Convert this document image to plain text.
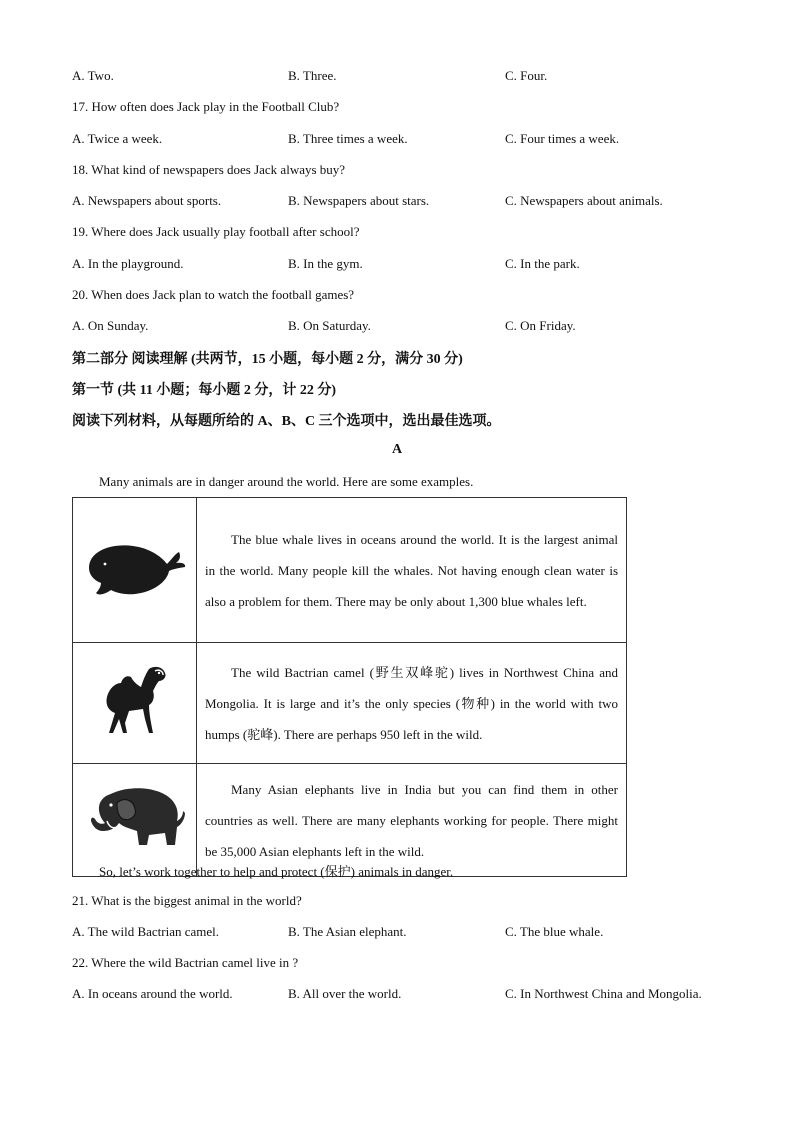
A. Two.	B. Three.	C. Four.
17. How often does Jack play in the Football Club?
A. Twice a week.	B. Three times a week.	C. Four times a week.
18. What kind of newspapers does Jack always buy?
A. Newspapers about sports.	B. Newspapers about stars.	C. Newspapers about animals.
19. Where does Jack usually play football after school?
A. In the playground.	B. In the gym.	C. In the park.
20. When does Jack plan to watch the football games?
A. On Sunday.	B. On Saturday.	C. On Friday.
第二部分 阅读理解 (共两节，15 小题，每小题 2 分，满分 30 分)
第一节 (共 11 小题；每小题 2 分，计 22 分)
阅读下列材料，从每题所给的 A、B、C 三个选项中，选出最佳选项。
A
Many animals are in danger around the world. Here are some examples.

The blue whale lives in oceans around the world. It is the largest animal in the world. Many people kill the whales. Not having enough clean water is also a problem for them. There may be only about 1,300 blue whales left.

The wild Bactrian camel (野生双峰驼) lives in Northwest China and Mongolia. It is large and it’s the only species (物种) in the world with two humps (驼峰). There are perhaps 950 left in the wild.

Many Asian elephants live in India but you can find them in other countries as well. There are many elephants working for people. There might be 35,000 Asian elephants left in the wild.
So, let’s work together to help and protect (保护) animals in danger.
21. What is the biggest animal in the world?
A. The wild Bactrian camel.	B. The Asian elephant.	C. The blue whale.
22. Where the wild Bactrian camel live in ?
A. In oceans around the world.	B. All over the world.	C. In Northwest China and Mongolia.
